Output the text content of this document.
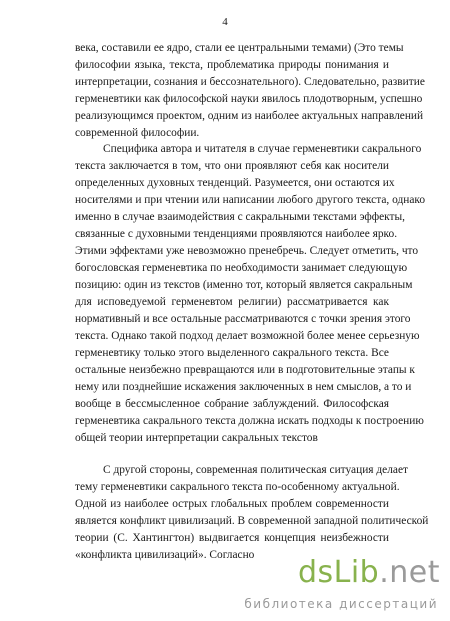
4
века, составили ее ядро, стали ее центральными темами) (Это темы
философии языка, текста, проблематика природы понимания и
интерпретации, сознания и бессознательного). Следовательно, развитие
герменевтики как философской науки явилось плодотворным, успешно
реализующимся проектом, одним из наиболее актуальных направлений
современной философии.
Специфика автора и читателя в случае герменевтики сакрального
текста заключается в том, что они проявляют себя как носители
определенных духовных тенденций. Разумеется, они остаются их
носителями и при чтении или написании любого другого текста, однако
именно в случае взаимодействия с сакральными текстами эффекты,
связанные с духовными тенденциями проявляются наиболее ярко.
Этими эффектами уже невозможно пренебречь. Следует отметить, что
богословская герменевтика по необходимости занимает следующую
позицию: один из текстов (именно тот, который является сакральным
для исповедуемой герменевтом религии) рассматривается как
нормативный и все остальные рассматриваются с точки зрения этого
текста. Однако такой подход делает возможной более менее серьезную
герменевтику только этого выделенного сакрального текста. Все
остальные неизбежно превращаются или в подготовительные этапы к
нему или позднейшие искажения заключенных в нем смыслов, а то и
вообще в бессмысленное собрание заблуждений. Философская
герменевтика сакрального текста должна искать подходы к построению
общей теории интерпретации сакральных текстов
С другой стороны, современная политическая ситуация делает
тему герменевтики сакрального текста по-особенному актуальной.
Одной из наиболее острых глобальных проблем современности
является конфликт цивилизаций. В современной западной политической
теории (С. Хантингтон) выдвигается концепция неизбежности
«конфликта цивилизаций». Согласно	dsLib.net
библиотека диссертаций
